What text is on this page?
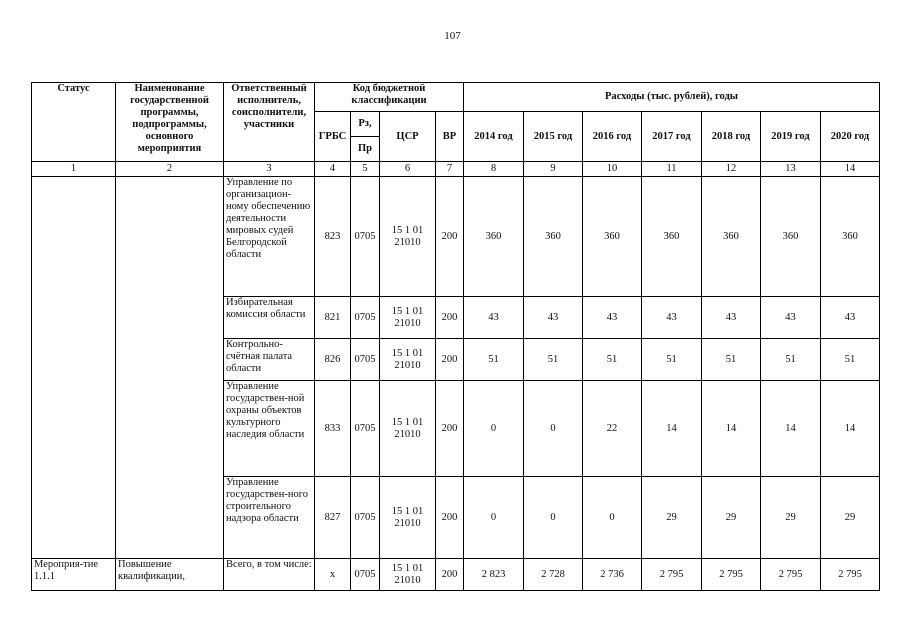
107
Статус	Наименование государственной программы, подпрограммы, основного мероприятия	Ответственный исполнитель, соисполнители, участники	Код бюджетной классификации				Расходы (тыс. рублей), годы						
			ГРБС	Рз,	ЦСР	ВР	2014 год	2015 год	2016 год	2017 год	2018 год	2019 год	2020 год
				Пр									
1	2	3	4	5	6	7	8	9	10	11	12	13	14
		Управление по организацион-ному обеспечению деятельности мировых судей Белгородской области	823	0705	15 1 01 21010	200	360	360	360	360	360	360	360
		Избирательная комиссия области	821	0705	15 1 01 21010	200	43	43	43	43	43	43	43
		Контрольно-счётная палата области	826	0705	15 1 01 21010	200	51	51	51	51	51	51	51
		Управление государствен-ной охраны объектов культурного наследия области	833	0705	15 1 01 21010	200	0	0	22	14	14	14	14
		Управление государствен-ного строительного надзора области	827	0705	15 1 01 21010	200	0	0	0	29	29	29	29
Мероприя-тие 1.1.1	Повышение квалификации,	Всего, в том числе:	х	0705	15 1 01 21010	200	2 823	2 728	2 736	2 795	2 795	2 795	2 795
